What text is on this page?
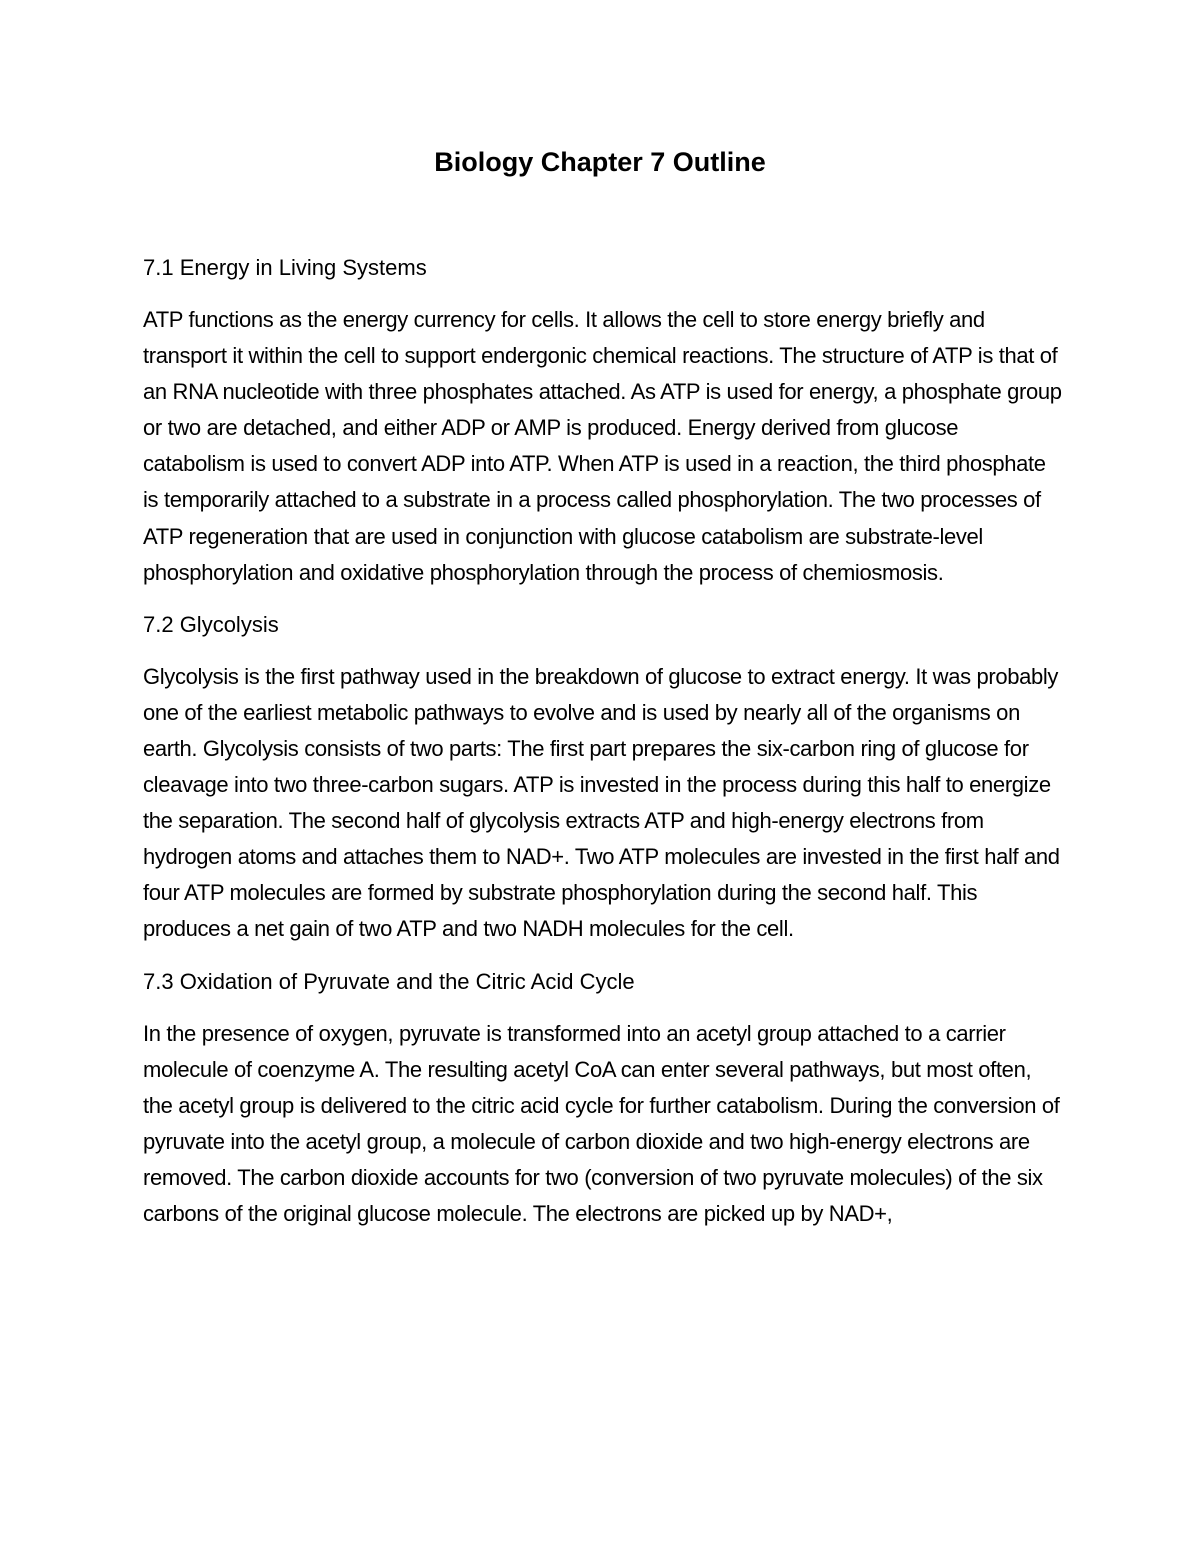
Biology Chapter 7 Outline

7.1 Energy in Living Systems

ATP functions as the energy currency for cells. It allows the cell to store energy briefly and transport it within the cell to support endergonic chemical reactions. The structure of ATP is that of an RNA nucleotide with three phosphates attached. As ATP is used for energy, a phosphate group or two are detached, and either ADP or AMP is produced. Energy derived from glucose catabolism is used to convert ADP into ATP. When ATP is used in a reaction, the third phosphate is temporarily attached to a substrate in a process called phosphorylation. The two processes of ATP regeneration that are used in conjunction with glucose catabolism are substrate-level phosphorylation and oxidative phosphorylation through the process of chemiosmosis.

7.2 Glycolysis

Glycolysis is the first pathway used in the breakdown of glucose to extract energy. It was probably one of the earliest metabolic pathways to evolve and is used by nearly all of the organisms on earth. Glycolysis consists of two parts: The first part prepares the six-carbon ring of glucose for cleavage into two three-carbon sugars. ATP is invested in the process during this half to energize the separation. The second half of glycolysis extracts ATP and high-energy electrons from hydrogen atoms and attaches them to NAD+. Two ATP molecules are invested in the first half and four ATP molecules are formed by substrate phosphorylation during the second half. This produces a net gain of two ATP and two NADH molecules for the cell.

7.3 Oxidation of Pyruvate and the Citric Acid Cycle

In the presence of oxygen, pyruvate is transformed into an acetyl group attached to a carrier molecule of coenzyme A. The resulting acetyl CoA can enter several pathways, but most often, the acetyl group is delivered to the citric acid cycle for further catabolism. During the conversion of pyruvate into the acetyl group, a molecule of carbon dioxide and two high-energy electrons are removed. The carbon dioxide accounts for two (conversion of two pyruvate molecules) of the six carbons of the original glucose molecule. The electrons are picked up by NAD+,
